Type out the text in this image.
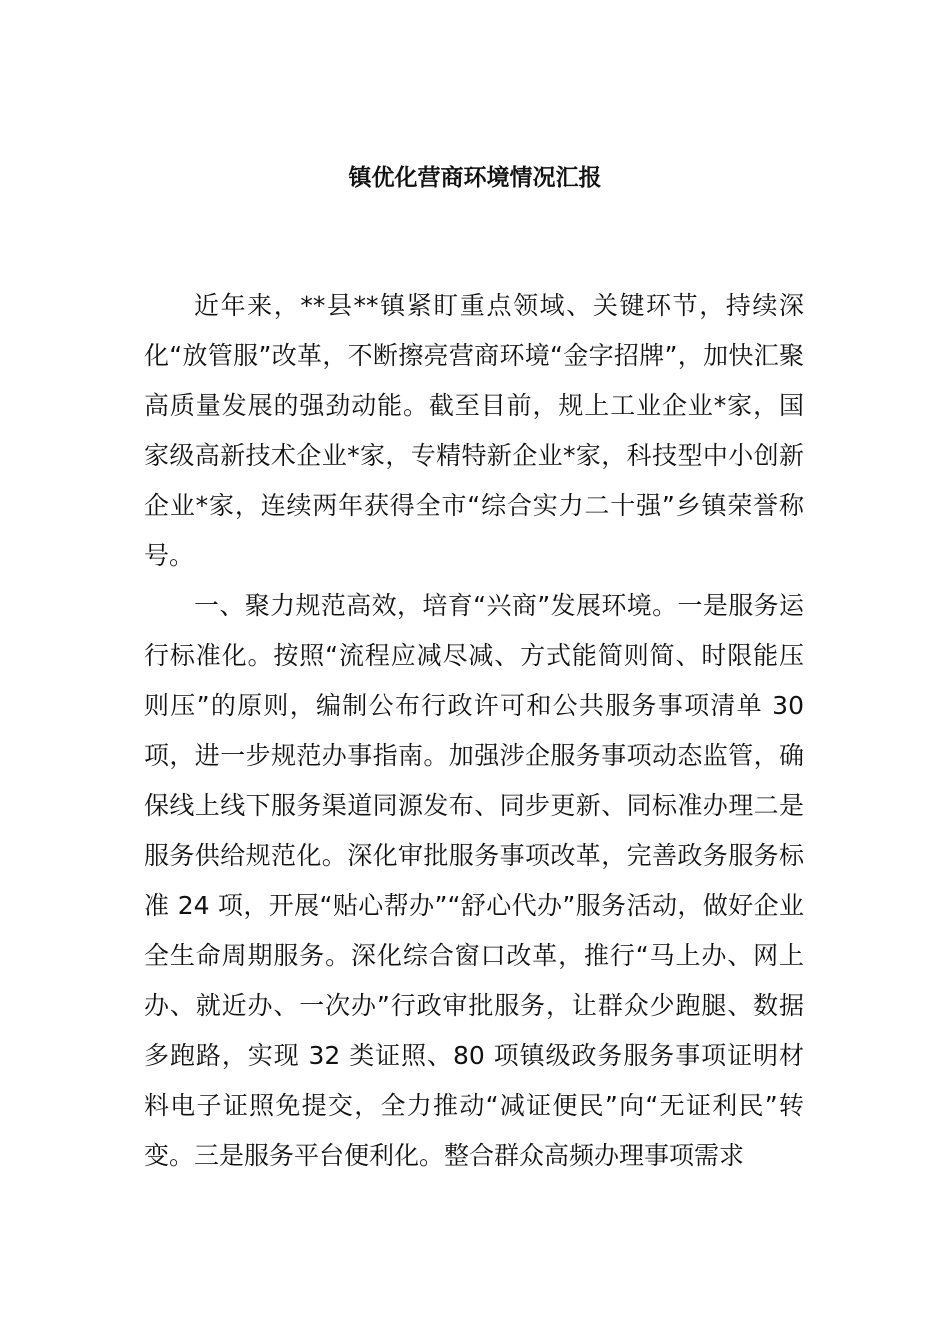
镇优化营商环境情况汇报

近年来，**县**镇紧盯重点领域、关键环节，持续深化“放管服”改革，不断擦亮营商环境“金字招牌”，加快汇聚高质量发展的强劲动能。截至目前，规上工业企业*家，国家级高新技术企业*家，专精特新企业*家，科技型中小创新企业*家，连续两年获得全市“综合实力二十强”乡镇荣誉称号。

一、聚力规范高效，培育“兴商”发展环境。一是服务运行标准化。按照“流程应减尽减、方式能简则简、时限能压则压”的原则，编制公布行政许可和公共服务事项清单 30 项，进一步规范办事指南。加强涉企服务事项动态监管，确保线上线下服务渠道同源发布、同步更新、同标准办理二是服务供给规范化。深化审批服务事项改革，完善政务服务标准 24 项，开展“贴心帮办”“舒心代办”服务活动，做好企业全生命周期服务。深化综合窗口改革，推行“马上办、网上办、就近办、一次办”行政审批服务，让群众少跑腿、数据多跑路，实现 32 类证照、80 项镇级政务服务事项证明材料电子证照免提交，全力推动“减证便民”向“无证利民”转变。三是服务平台便利化。整合群众高频办理事项需求
